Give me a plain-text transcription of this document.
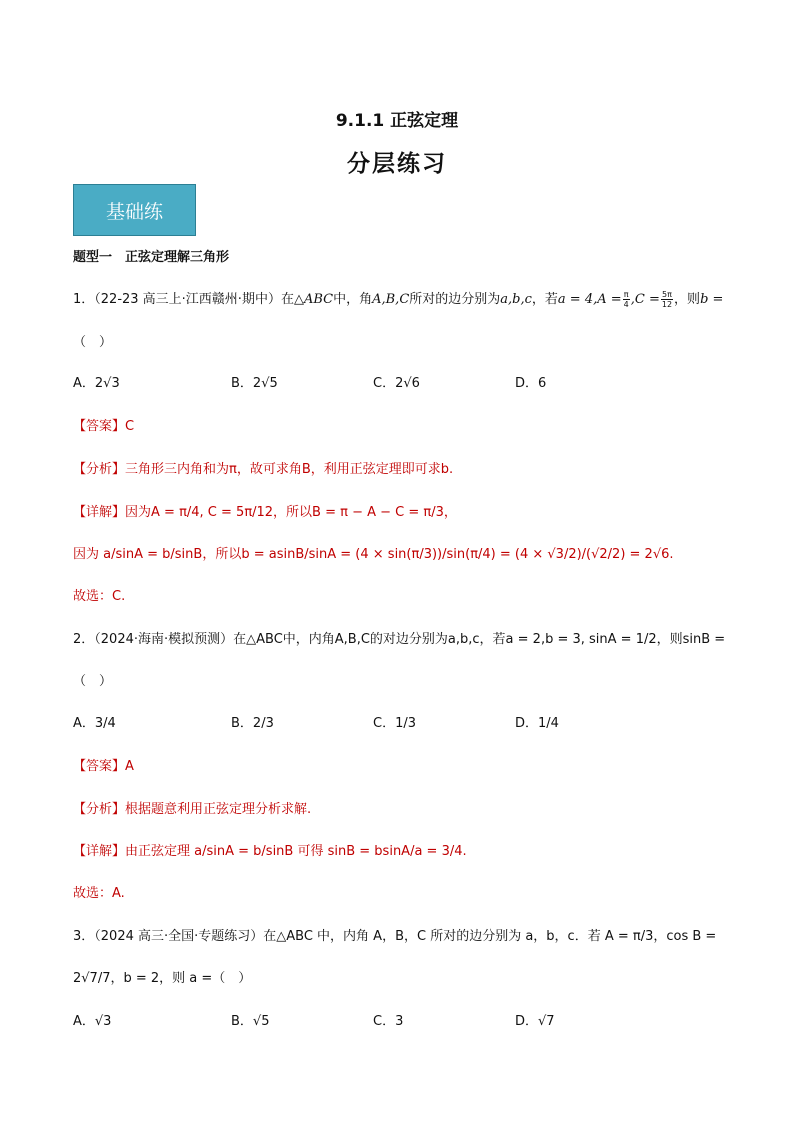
9.1.1 正弦定理
分层练习
基础练
题型一　正弦定理解三角形
1．（22-23 高三上·江西赣州·期中）在△ABC中，角A,B,C所对的边分别为a,b,c，若$a = 4,A = \frac{\pi}{4} ,C = \frac{5\pi}{12}$ ，则b =
（　）
A．2√3	B．2√5	C．2√6	D．6
【答案】C
【分析】三角形三内角和为π，故可求角B，利用正弦定理即可求b.
【详解】因为A = π/4, C = 5π/12，所以B = π − A − C = π/3，
因为 a/sinA = b/sinB，所以b = asinB/sinA = (4 × sin(π/3))/sin(π/4) = (4 × √3/2)/(√2/2) = 2√6.
故选：C.
2．（2024·海南·模拟预测）在△ABC中，内角A,B,C的对边分别为a,b,c，若a = 2,b = 3, sinA = 1/2，则sinB =
（　）
A．3/4	B．2/3	C．1/3	D．1/4
【答案】A
【分析】根据题意利用正弦定理分析求解.
【详解】由正弦定理 a/sinA = b/sinB 可得 sinB = bsinA/a = 3/4.
故选：A.
3．（2024 高三·全国·专题练习）在△ABC 中，内角 A，B，C 所对的边分别为 a，b，c．若 A = π/3，cos B =
2√7/7，b = 2，则 a =（　）
A．√3	B．√5	C．3	D．√7
